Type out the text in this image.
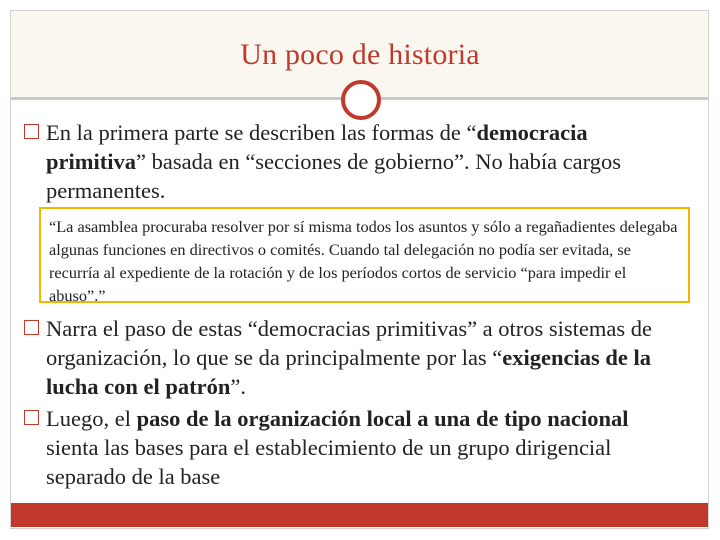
Un poco de historia
En la primera parte se describen las formas de “democracia primitiva” basada en “secciones de gobierno”. No había cargos permanentes.
“La asamblea procuraba resolver por sí misma todos los asuntos y sólo a regañadientes delegaba algunas funciones en directivos o comités. Cuando tal delegación no podía ser evitada, se recurría al expediente de la rotación y de los períodos cortos de servicio “para impedir el abuso”.”
Narra el paso de estas “democracias primitivas” a otros sistemas de organización, lo que se da principalmente por las “exigencias de la lucha con el patrón”.
Luego, el paso de la organización local a una de tipo nacional sienta las bases para el establecimiento de un grupo dirigencial separado de la base
